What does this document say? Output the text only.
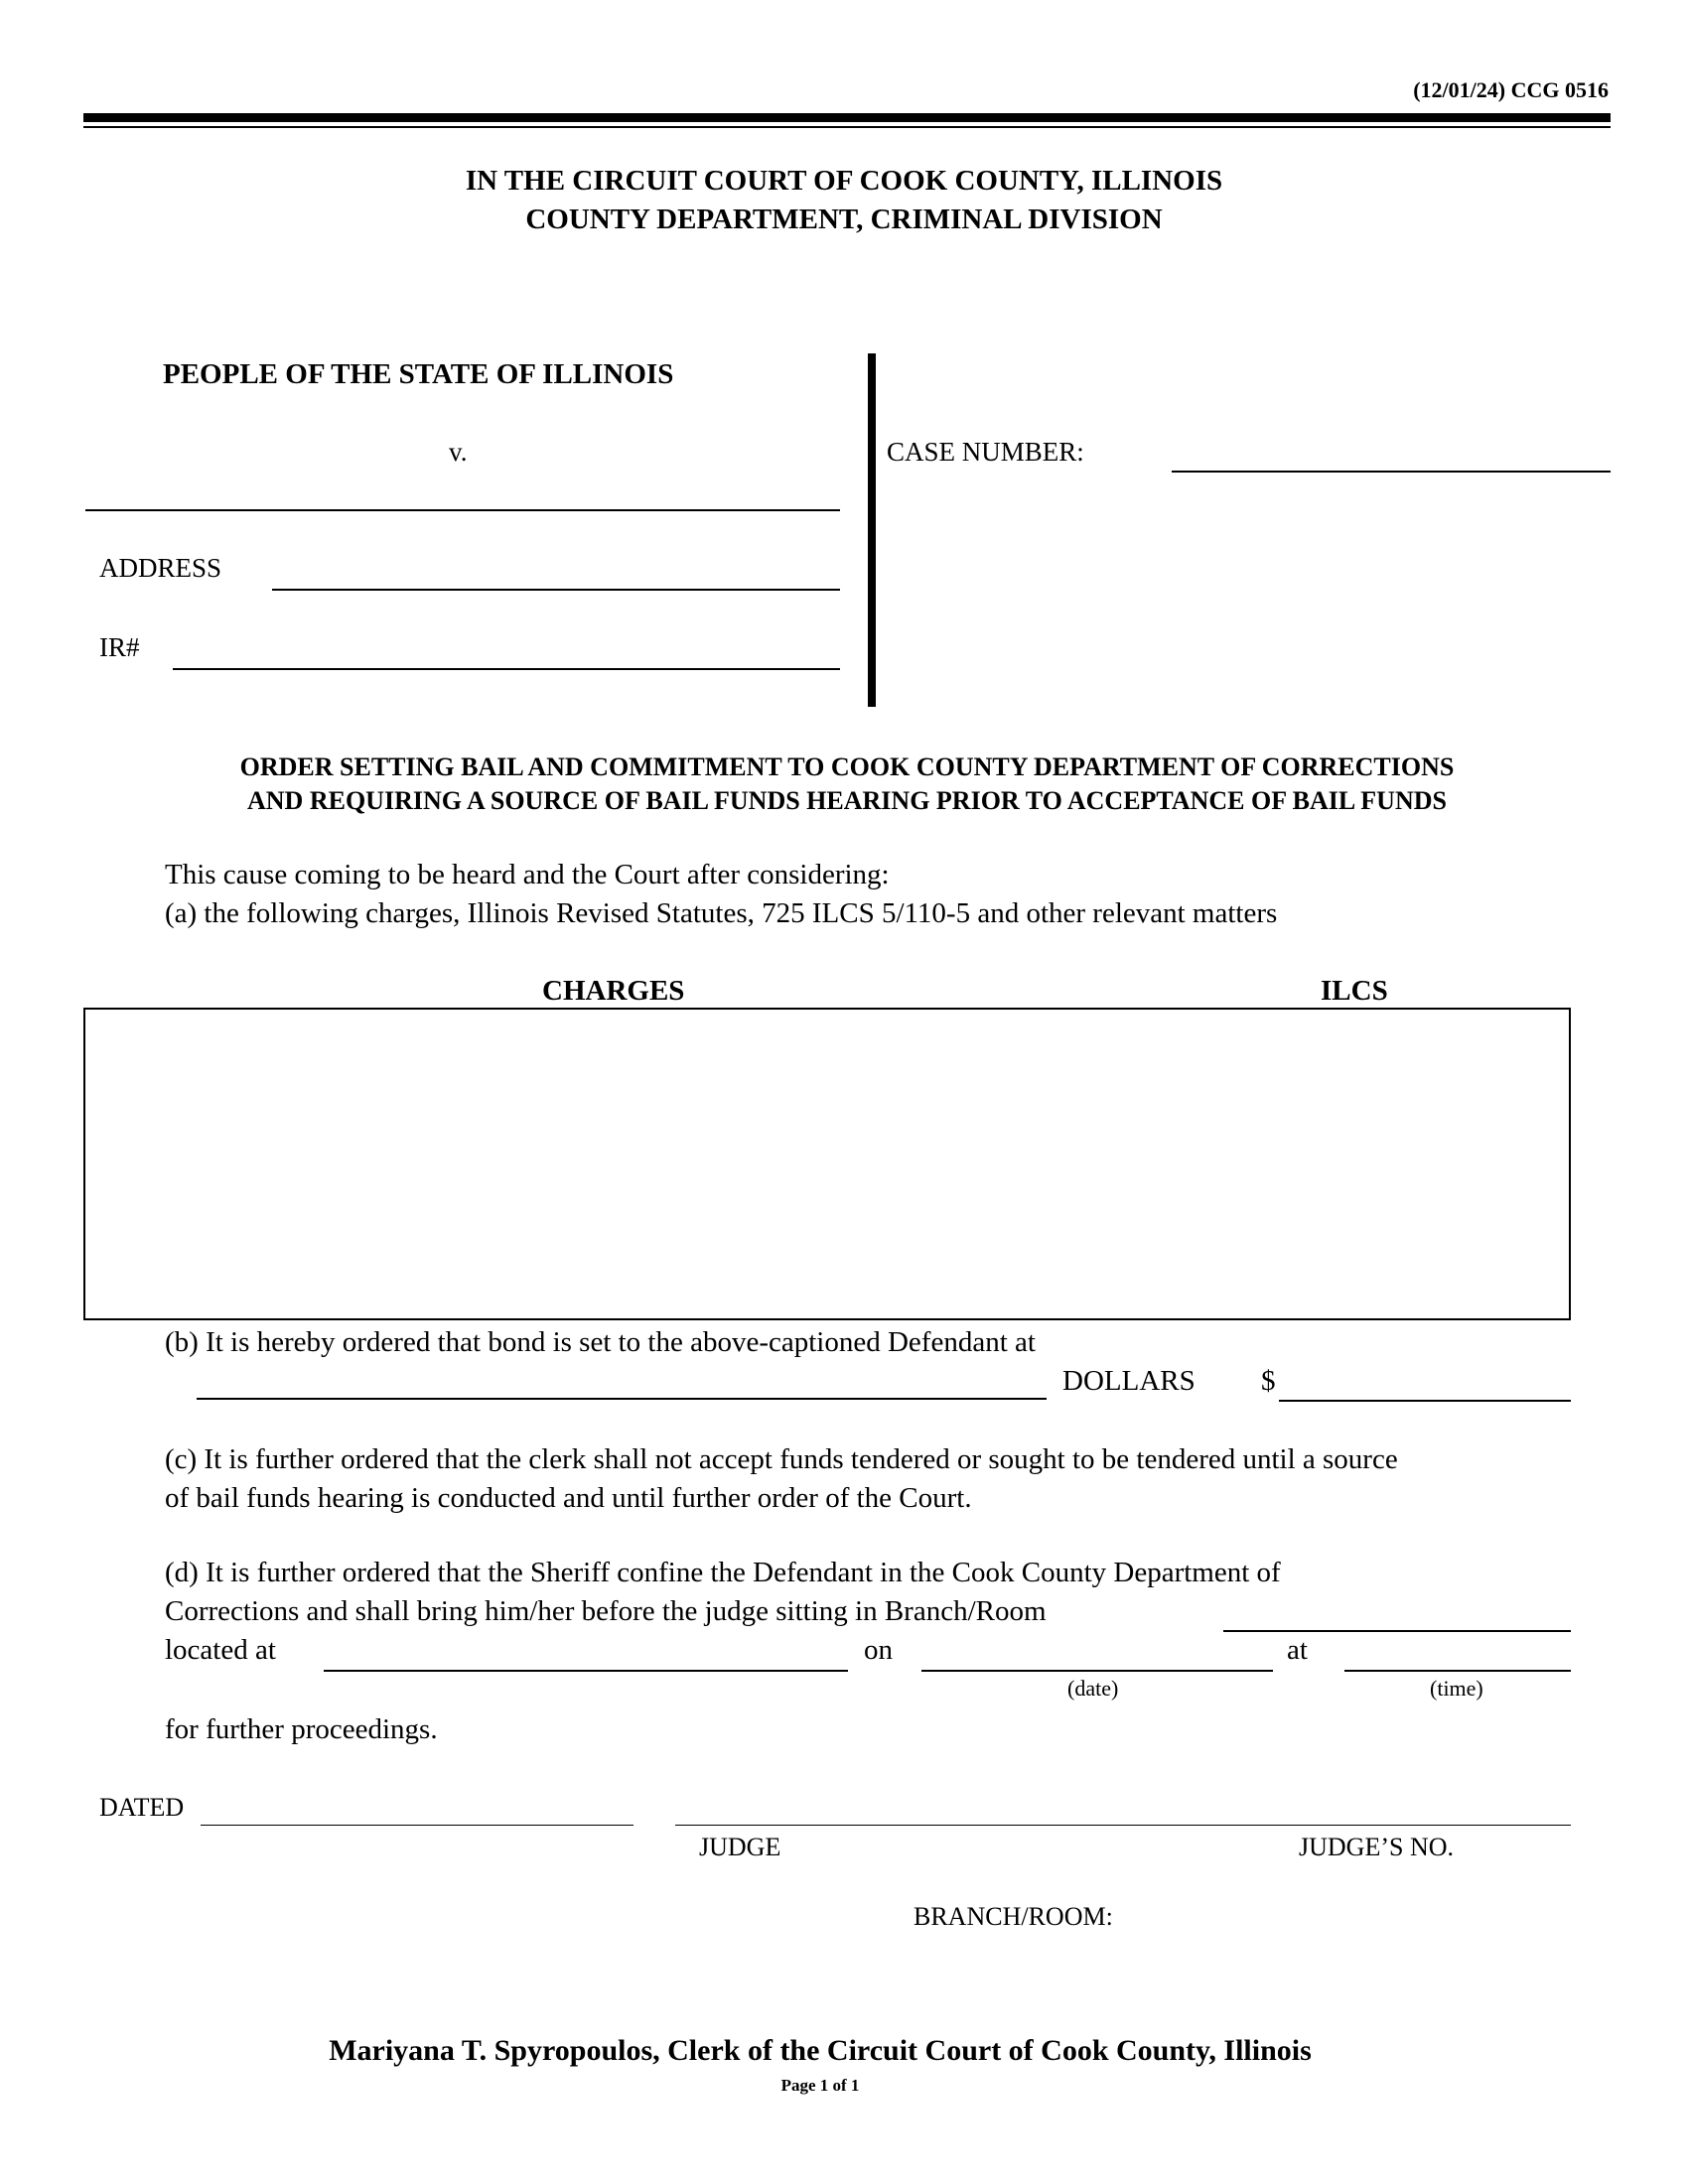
(12/01/24) CCG 0516
IN THE CIRCUIT COURT OF COOK COUNTY, ILLINOIS
COUNTY DEPARTMENT, CRIMINAL DIVISION
PEOPLE OF THE STATE OF ILLINOIS
v.
ADDRESS
IR#
CASE NUMBER:
ORDER SETTING BAIL AND COMMITMENT TO COOK COUNTY DEPARTMENT OF CORRECTIONS
AND REQUIRING A SOURCE OF BAIL FUNDS HEARING PRIOR TO ACCEPTANCE OF BAIL FUNDS
This cause coming to be heard and the Court after considering:
(a) the following charges, Illinois Revised Statutes, 725 ILCS 5/110-5 and other relevant matters
CHARGES	ILCS
(b) It is hereby ordered that bond is set to the above-captioned Defendant at
DOLLARS $
(c) It is further ordered that the clerk shall not accept funds tendered or sought to be tendered until a source
of bail funds hearing is conducted and until further order of the Court.
(d) It is further ordered that the Sheriff confine the Defendant in the Cook County Department of
Corrections and shall bring him/her before the judge sitting in Branch/Room
located at	on	at
(date)	(time)
for further proceedings.
DATED
JUDGE	JUDGE’S NO.
BRANCH/ROOM:
Mariyana T. Spyropoulos, Clerk of the Circuit Court of Cook County, Illinois
Page 1 of 1
